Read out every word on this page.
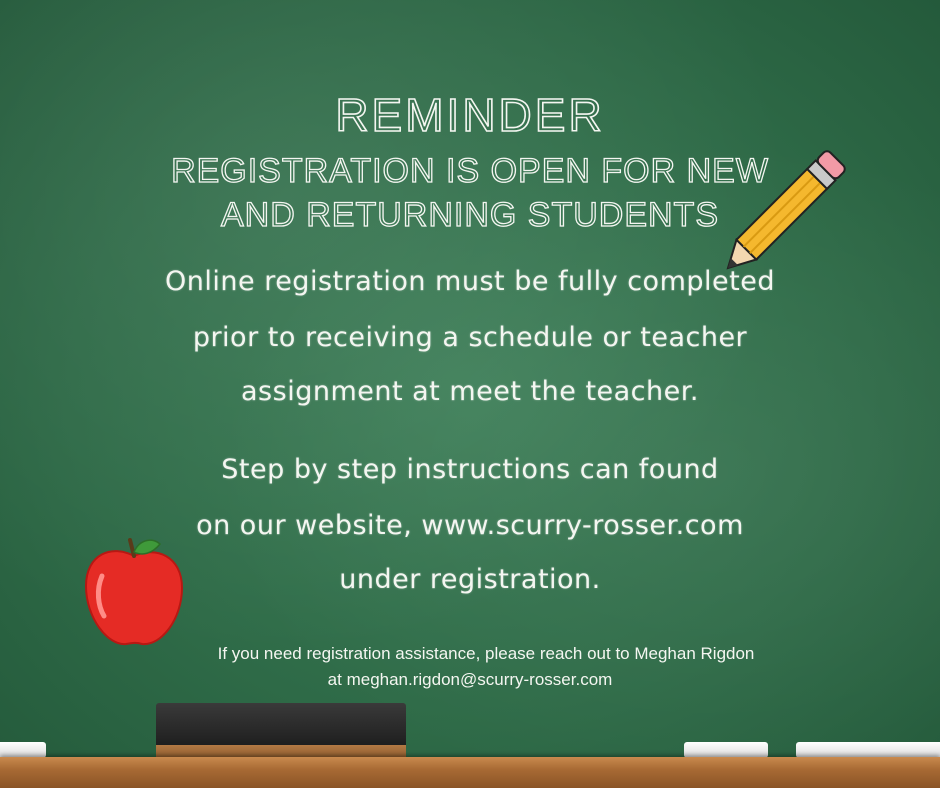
REMINDER
REGISTRATION IS OPEN FOR NEW
AND RETURNING STUDENTS
Online registration must be fully completed
prior to receiving a schedule or teacher
assignment at meet the teacher.
Step by step instructions can found
on our website, www.scurry-rosser.com
under registration.
If you need registration assistance, please reach out to Meghan Rigdon
at meghan.rigdon@scurry-rosser.com
